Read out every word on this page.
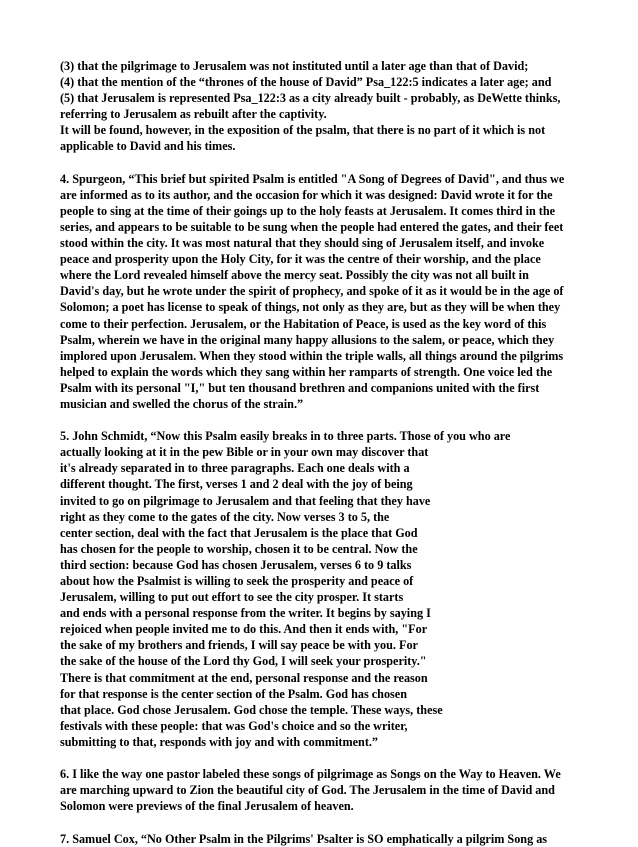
(3) that the pilgrimage to Jerusalem was not instituted until a later age than that of David;
(4) that the mention of the “thrones of the house of David” Psa_122:5 indicates a later age; and
(5) that Jerusalem is represented Psa_122:3 as a city already built - probably, as DeWette thinks,
referring to Jerusalem as rebuilt after the captivity.
It will be found, however, in the exposition of the psalm, that there is no part of it which is not
applicable to David and his times.
4. Spurgeon, “This brief but spirited Psalm is entitled "A Song of Degrees of David", and thus we
are informed as to its author, and the occasion for which it was designed: David wrote it for the
people to sing at the time of their goings up to the holy feasts at Jerusalem. It comes third in the
series, and appears to be suitable to be sung when the people had entered the gates, and their feet
stood within the city. It was most natural that they should sing of Jerusalem itself, and invoke
peace and prosperity upon the Holy City, for it was the centre of their worship, and the place
where the Lord revealed himself above the mercy seat. Possibly the city was not all built in
David's day, but he wrote under the spirit of prophecy, and spoke of it as it would be in the age of
Solomon; a poet has license to speak of things, not only as they are, but as they will be when they
come to their perfection. Jerusalem, or the Habitation of Peace, is used as the key word of this
Psalm, wherein we have in the original many happy allusions to the salem, or peace, which they
implored upon Jerusalem. When they stood within the triple walls, all things around the pilgrims
helped to explain the words which they sang within her ramparts of strength. One voice led the
Psalm with its personal "I," but ten thousand brethren and companions united with the first
musician and swelled the chorus of the strain.”
5. John Schmidt, “Now this Psalm easily breaks in to three parts. Those of you who are
actually looking at it in the pew Bible or in your own may discover that
it's already separated in to three paragraphs. Each one deals with a
different thought. The first, verses 1 and 2 deal with the joy of being
invited to go on pilgrimage to Jerusalem and that feeling that they have
right as they come to the gates of the city. Now verses 3 to 5, the
center section, deal with the fact that Jerusalem is the place that God
has chosen for the people to worship, chosen it to be central. Now the
third section: because God has chosen Jerusalem, verses 6 to 9 talks
about how the Psalmist is willing to seek the prosperity and peace of
Jerusalem, willing to put out effort to see the city prosper. It starts
and ends with a personal response from the writer. It begins by saying I
rejoiced when people invited me to do this. And then it ends with, "For
the sake of my brothers and friends, I will say peace be with you. For
the sake of the house of the Lord thy God, I will seek your prosperity."
There is that commitment at the end, personal response and the reason
for that response is the center section of the Psalm. God has chosen
that place. God chose Jerusalem. God chose the temple. These ways, these
festivals with these people: that was God's choice and so the writer,
submitting to that, responds with joy and with commitment.”
6. I like the way one pastor labeled these songs of pilgrimage as Songs on the Way to Heaven. We
are marching upward to Zion the beautiful city of God. The Jerusalem in the time of David and
Solomon were previews of the final Jerusalem of heaven.
7. Samuel Cox, “No Other Psalm in the Pilgrims' Psalter is SO emphatically a pilgrim Song as
